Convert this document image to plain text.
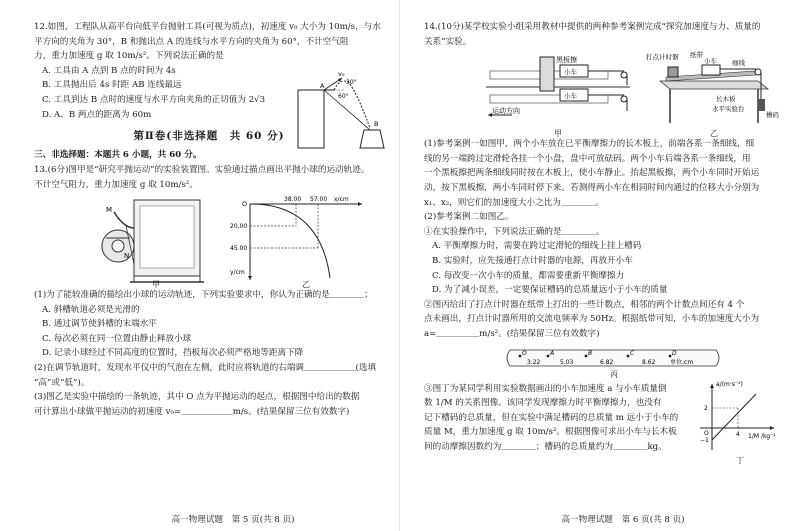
12.如图，工程队从高平台向低平台抛射工具(可视为质点)，初速度 v₀ 大小为 10m/s，与水

平方向的夹角为 30°，B 和抛出点 A 的连线与水平方向的夹角为 60°，不计空气阻

力，重力加速度 g 取 10m/s²。下列说法正确的是

A. 工具由 A 点到 B 点的时间为 4s

B. 工具抛出后 4s 时距 AB 连线最远

C. 工具到达 B 点时的速度与水平方向夹角的正切值为 2√3

D. A、B 两点的距离为 60m

v₀
30°
60°
A
B
第Ⅱ卷(非选择题　共 60 分)

三、非选择题：本题共 6 小题，共 60 分。

13.(6分)图甲是“研究平抛运动”的实验装置图。实验通过描点画出平抛小球的运动轨迹。

不计空气阻力，重力加速度 g 取 10m/s²。

M
N
甲
O
38.00 57.00 x/cm
20.00
45.00
y/cm
乙

(1)为了能较准确的描绘出小球的运动轨迹，下列实验要求中，你认为正确的是＿＿＿＿；

A. 斜槽轨道必须是光滑的

B. 通过调节使斜槽的末端水平

C. 每次必须在同一位置由静止释放小球

D. 记录小球经过不同高度的位置时，挡板每次必须严格地等距离下降

(2)在调节轨道时，发现水平仪中的气泡在左侧，此时应将轨道的右端调＿＿＿＿＿＿(选填

“高”或“低”)。

(3)图乙是实验中描绘的一条轨迹，其中 O 点为平抛运动的起点，根据图中给出的数据

可计算出小球做平抛运动的初速度 v₀=＿＿＿＿＿＿m/s。(结果保留三位有效数字)

高一物理试题　第 5 页(共 8 页)

14.(10分)某学校实验小组采用教材中提供的两种参考案例完成“探究加速度与力、质量的

关系”实验。

黑板擦
小车
小车
运动方向
甲
打点计时器 纸带
小车 细线
长木板
水平实验台
槽码
乙

(1)参考案例一如图甲，两个小车放在已平衡摩擦力的长木板上，前端各系一条细线，细

线的另一端跨过定滑轮各挂一个小盘，盘中可放砝码。两个小车后端各系一条细线，用

一个黑板擦把两条细线同时按在木板上，使小车静止。抬起黑板擦，两个小车同时开始运

动，按下黑板擦，两小车同时停下来。若测得两小车在相同时间内通过的位移大小分别为

x₁、x₂，则它们的加速度大小之比为＿＿＿＿。

(2)参考案例二如图乙。

①在实验操作中，下列说法正确的是＿＿＿＿。

A. 平衡摩擦力时，需要在跨过定滑轮的细线上挂上槽码

B. 实验时，应先接通打点计时器的电源，再放开小车

C. 每改变一次小车的质量，都需要重新平衡摩擦力

D. 为了减小误差，一定要保证槽码的总质量远小于小车的质量

②图丙给出了打点计时器在纸带上打出的一些计数点，相邻的两个计数点间还有 4 个

点未画出，打点计时器所用的交流电频率为 50Hz。根据纸带可知，小车的加速度大小为

a=＿＿＿＿＿m/s²。(结果保留三位有效数字)

O	A	B	C	D
3.22	5.03	6.82	8.62 单位:cm
丙

③图丁为某同学利用实验数据画出的小车加速度 a 与小车质量倒

数 1/M 的关系图像。该同学发现摩擦力时平衡摩擦力，也没有

记下槽码的总质量，但在实验中满足槽码的总质量 m 远小于小车的

质量 M，重力加速度 g 取 10m/s²。根据图像可求出小车与长木板

间的动摩擦因数约为＿＿＿＿；槽码的总质量约为＿＿＿＿kg。

a/(m·s⁻²)
1/M /kg⁻¹
2
−1
4
O
丁
高一物理试题　第 6 页(共 8 页)
